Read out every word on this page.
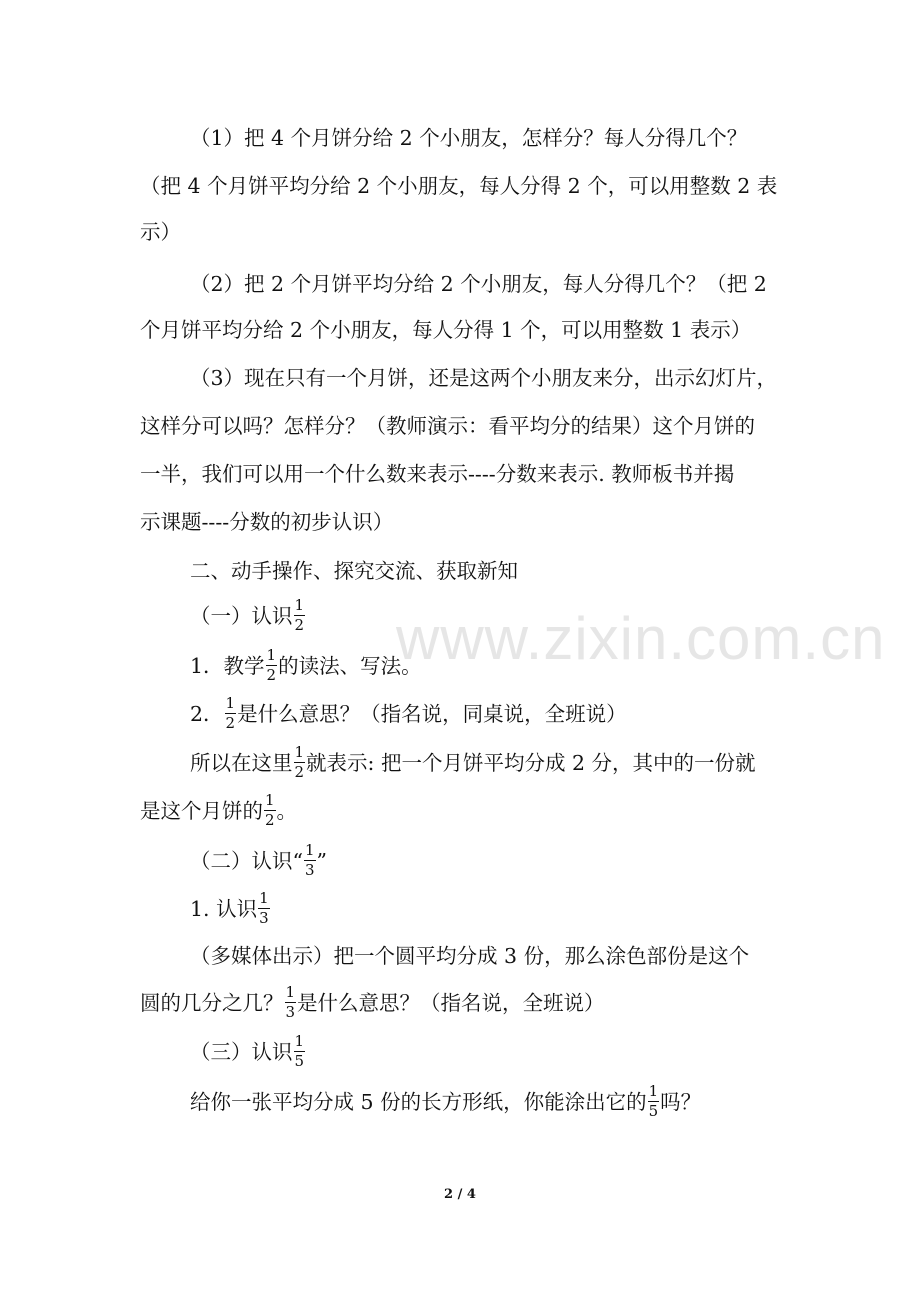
www.zixin.com.cn
（1）把 4 个月饼分给 2 个小朋友，怎样分？每人分得几个？
（把 4 个月饼平均分给 2 个小朋友，每人分得 2 个，可以用整数 2 表
示）
（2）把 2 个月饼平均分给 2 个小朋友，每人分得几个？（把 2
个月饼平均分给 2 个小朋友，每人分得 1 个，可以用整数 1 表示）
（3）现在只有一个月饼，还是这两个小朋友来分，出示幻灯片，
这样分可以吗？怎样分？（教师演示：看平均分的结果）这个月饼的
一半，我们可以用一个什么数来表示----分数来表示. 教师板书并揭
示课题----分数的初步认识）
二、动手操作、探究交流、获取新知
（一）认识 $\frac{1}{2}$
1．教学 $\frac{1}{2}$ 的读法、写法。
2． $\frac{1}{2}$ 是什么意思？（指名说，同桌说，全班说）
所以在这里 $\frac{1}{2}$ 就表示: 把一个月饼平均分成 2 分，其中的一份就
是这个月饼的 $\frac{1}{2}$ 。
（二）认识“ $\frac{1}{3}$ ”
1. 认识 $\frac{1}{3}$
（多媒体出示）把一个圆平均分成 3 份，那么涂色部份是这个
圆的几分之几？ $\frac{1}{3}$ 是什么意思？（指名说，全班说）
（三）认识 $\frac{1}{5}$
给你一张平均分成 5 份的长方形纸，你能涂出它的 $\frac{1}{5}$ 吗？
2 / 4
